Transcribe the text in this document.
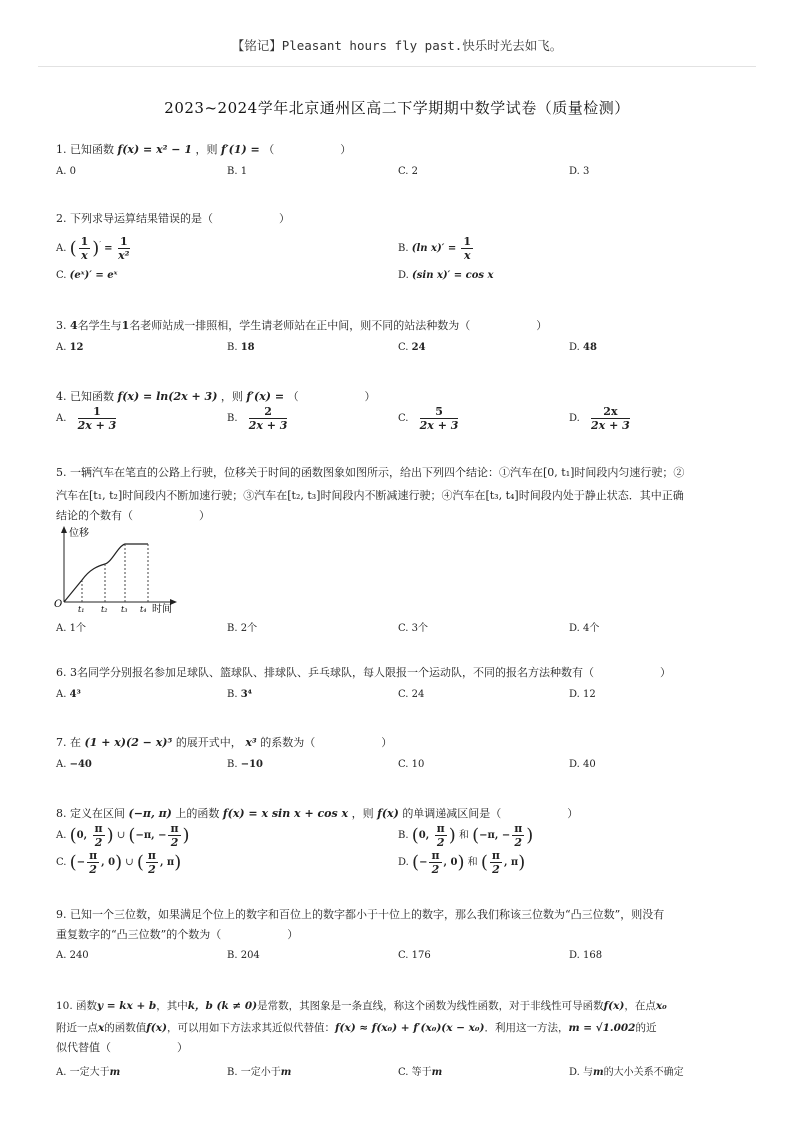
【铭记】Pleasant hours fly past.快乐时光去如飞。
2023~2024学年北京通州区高二下学期期中数学试卷（质量检测）
1. 已知函数 f(x) = x² − 1 ，则 f′(1) = （　　　　　　）
A. 0	B. 1	C. 2	D. 3
2. 下列求导运算结果错误的是（　　　　　　）
A. ( $\frac{1}{x} )' = \frac{1}{\text{x²}}$	B. (ln $x)' = \frac{1}{x}$
C. (eˣ)′ = eˣ	D. (sin x)′ = cos x
3. 4名学生与1名老师站成一排照相，学生请老师站在正中间，则不同的站法种数为（　　　　　　）
A. 12	B. 18	C. 24	D. 48
4. 已知函数 f(x) = ln(2x + 3) ，则 f′(x) = （　　　　　　）
A. $\frac{1}{2x + 3}$	B. $\frac{2}{2x + 3}$	C. $\frac{5}{2x + 3}$	D. $\frac{2x}{2x + 3}$
5. 一辆汽车在笔直的公路上行驶，位移关于时间的函数图象如图所示，给出下列四个结论：①汽车在[0, t₁]时间段内匀速行驶；②
汽车在[t₁, t₂]时间段内不断加速行驶；③汽车在[t₂, t₃]时间段内不断减速行驶；④汽车在[t₃, t₄]时间段内处于静止状态．其中正确
结论的个数有（　　　　　　）
位移
时间
O t₁ t₂ t₃ t₄
A. 1个	B. 2个	C. 3个	D. 4个
6. 3名同学分别报名参加足球队、篮球队、排球队、乒乓球队，每人限报一个运动队，不同的报名方法种数有（　　　　　　）
A. 4³	B. 3⁴	C. 24	D. 12
7. 在 (1 + x)(2 − x)⁵ 的展开式中， x³ 的系数为（　　　　　　）
A. −40	B. −10	C. 10	D. 40
8. 定义在区间 (−π, π) 上的函数 f(x) = x sin x + cos x ，则 f(x) 的单调递减区间是（　　　　　　）
A. (0, $\frac{\pi}{2}$ ) ∪ (−π, − $\frac{\pi}{2}$ )	B. (0, $\frac{\pi}{2}$ ) 和 (−π, − $\frac{\pi}{2}$ )
C. (− $\frac{\pi}{2}$ , 0) ∪ ( $\frac{\pi}{2}$ , π)	D. (− $\frac{\pi}{2}$ , 0) 和 ( $\frac{\pi}{2}$ , π)
9. 已知一个三位数，如果满足个位上的数字和百位上的数字都小于十位上的数字，那么我们称该三位数为“凸三位数”，则没有
重复数字的“凸三位数”的个数为（　　　　　　）
A. 240	B. 204	C. 176	D. 168
10. 函数y = kx + b，其中k，b (k ≠ 0)是常数，其图象是一条直线，称这个函数为线性函数，对于非线性可导函数f(x)，在点x₀
附近一点x的函数值f(x)，可以用如下方法求其近似代替值：f(x) ≈ f(x₀) + f′(x₀)(x − x₀)．利用这一方法，m = √1.002的近
似代替值（　　　　　　）
A. 一定大于m	B. 一定小于m	C. 等于m	D. 与m的大小关系不确定
